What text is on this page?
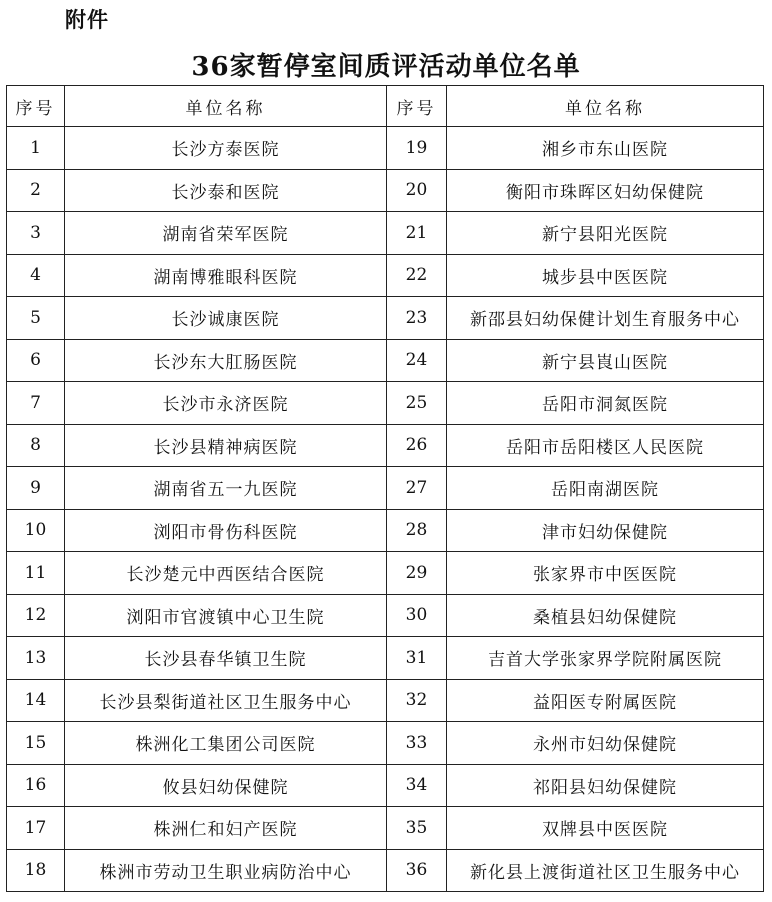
附件
36家暂停室间质评活动单位名单
序号	单位名称	序号	单位名称
1	长沙方泰医院	19	湘乡市东山医院
2	长沙泰和医院	20	衡阳市珠晖区妇幼保健院
3	湖南省荣军医院	21	新宁县阳光医院
4	湖南博雅眼科医院	22	城步县中医医院
5	长沙诚康医院	23	新邵县妇幼保健计划生育服务中心
6	长沙东大肛肠医院	24	新宁县崀山医院
7	长沙市永济医院	25	岳阳市洞氮医院
8	长沙县精神病医院	26	岳阳市岳阳楼区人民医院
9	湖南省五一九医院	27	岳阳南湖医院
10	浏阳市骨伤科医院	28	津市妇幼保健院
11	长沙楚元中西医结合医院	29	张家界市中医医院
12	浏阳市官渡镇中心卫生院	30	桑植县妇幼保健院
13	长沙县春华镇卫生院	31	吉首大学张家界学院附属医院
14	长沙县梨街道社区卫生服务中心	32	益阳医专附属医院
15	株洲化工集团公司医院	33	永州市妇幼保健院
16	攸县妇幼保健院	34	祁阳县妇幼保健院
17	株洲仁和妇产医院	35	双牌县中医医院
18	株洲市劳动卫生职业病防治中心	36	新化县上渡街道社区卫生服务中心
